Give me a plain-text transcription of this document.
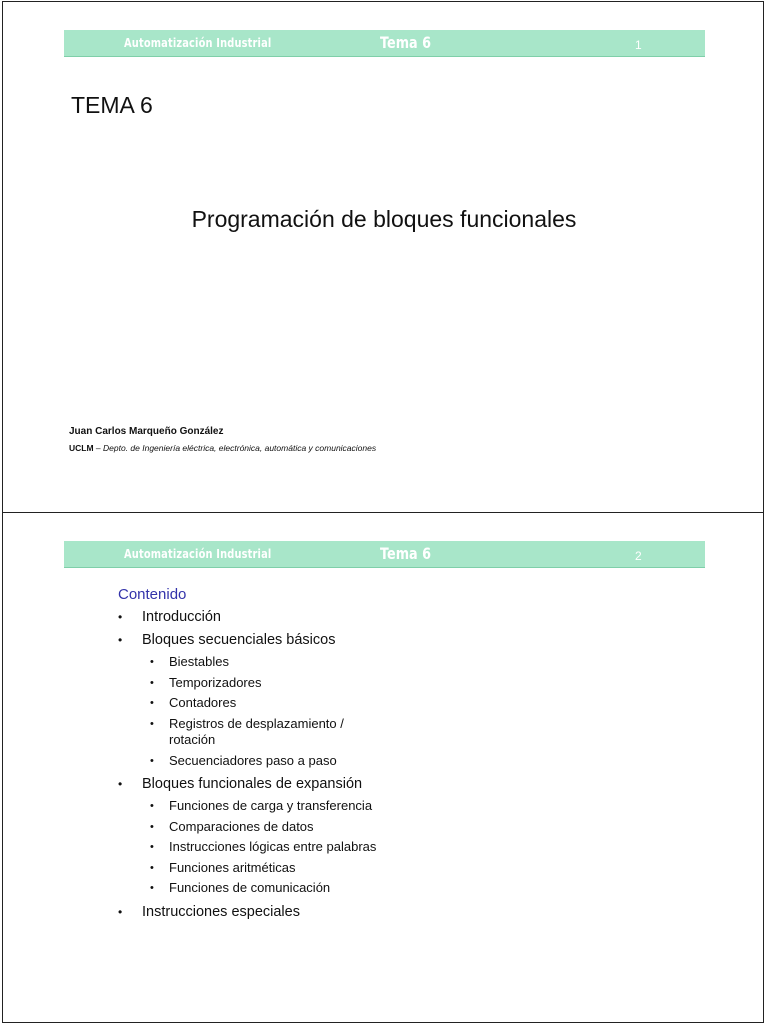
Automatización Industrial	Tema 6	1
TEMA 6
Programación de bloques funcionales
Juan Carlos Marqueño González
UCLM – Depto. de Ingeniería eléctrica, electrónica, automática y comunicaciones
Automatización Industrial	Tema 6	2
Contenido
• Introducción
• Bloques secuenciales básicos
• Biestables
• Temporizadores
• Contadores
• Registros de desplazamiento / rotación
• Secuenciadores paso a paso
• Bloques funcionales de expansión
• Funciones de carga y transferencia
• Comparaciones de datos
• Instrucciones lógicas entre palabras
• Funciones aritméticas
• Funciones de comunicación
• Instrucciones especiales
